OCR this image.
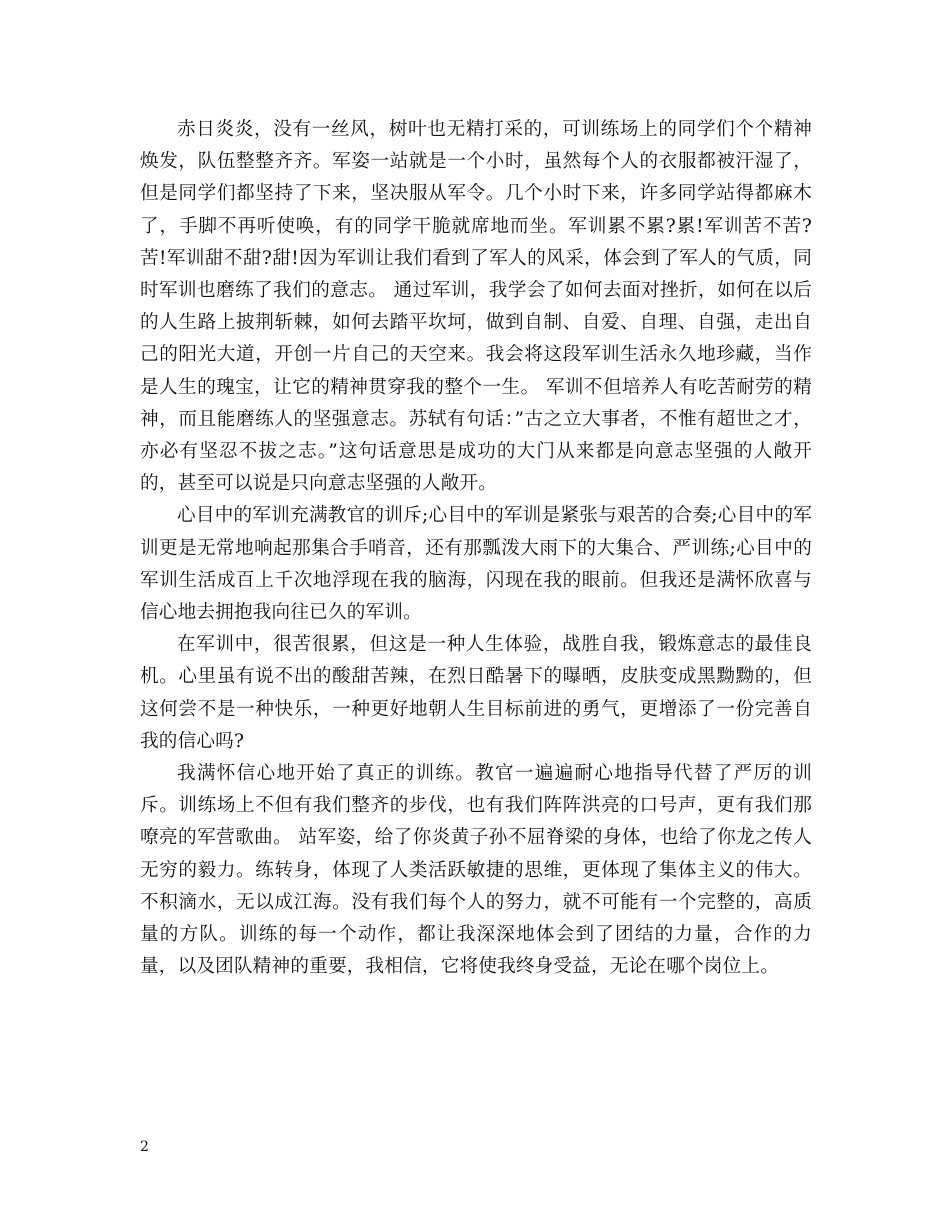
赤日炎炎，没有一丝风，树叶也无精打采的，可训练场上的同学们个个精神焕发，队伍整整齐齐。军姿一站就是一个小时，虽然每个人的衣服都被汗湿了，但是同学们都坚持了下来，坚决服从军令。几个小时下来，许多同学站得都麻木了，手脚不再听使唤，有的同学干脆就席地而坐。军训累不累?累!军训苦不苦?苦!军训甜不甜?甜!因为军训让我们看到了军人的风采，体会到了军人的气质，同时军训也磨练了我们的意志。 通过军训，我学会了如何去面对挫折，如何在以后的人生路上披荆斩棘，如何去踏平坎坷，做到自制、自爱、自理、自强，走出自己的阳光大道，开创一片自己的天空来。我会将这段军训生活永久地珍藏，当作是人生的瑰宝，让它的精神贯穿我的整个一生。 军训不但培养人有吃苦耐劳的精神，而且能磨练人的坚强意志。苏轼有句话：”古之立大事者，不惟有超世之才，亦必有坚忍不拔之志。”这句话意思是成功的大门从来都是向意志坚强的人敞开的，甚至可以说是只向意志坚强的人敞开。

心目中的军训充满教官的训斥;心目中的军训是紧张与艰苦的合奏;心目中的军训更是无常地响起那集合手哨音，还有那瓢泼大雨下的大集合、严训练;心目中的军训生活成百上千次地浮现在我的脑海，闪现在我的眼前。但我还是满怀欣喜与信心地去拥抱我向往已久的军训。

在军训中，很苦很累，但这是一种人生体验，战胜自我，锻炼意志的最佳良机。心里虽有说不出的酸甜苦辣，在烈日酷暑下的曝晒，皮肤变成黑黝黝的，但这何尝不是一种快乐，一种更好地朝人生目标前进的勇气，更增添了一份完善自我的信心吗?

我满怀信心地开始了真正的训练。教官一遍遍耐心地指导代替了严厉的训斥。训练场上不但有我们整齐的步伐，也有我们阵阵洪亮的口号声，更有我们那嘹亮的军营歌曲。 站军姿，给了你炎黄子孙不屈脊梁的身体，也给了你龙之传人无穷的毅力。练转身，体现了人类活跃敏捷的思维，更体现了集体主义的伟大。不积滴水，无以成江海。没有我们每个人的努力，就不可能有一个完整的，高质量的方队。训练的每一个动作，都让我深深地体会到了团结的力量，合作的力量，以及团队精神的重要，我相信，它将使我终身受益，无论在哪个岗位上。

2
